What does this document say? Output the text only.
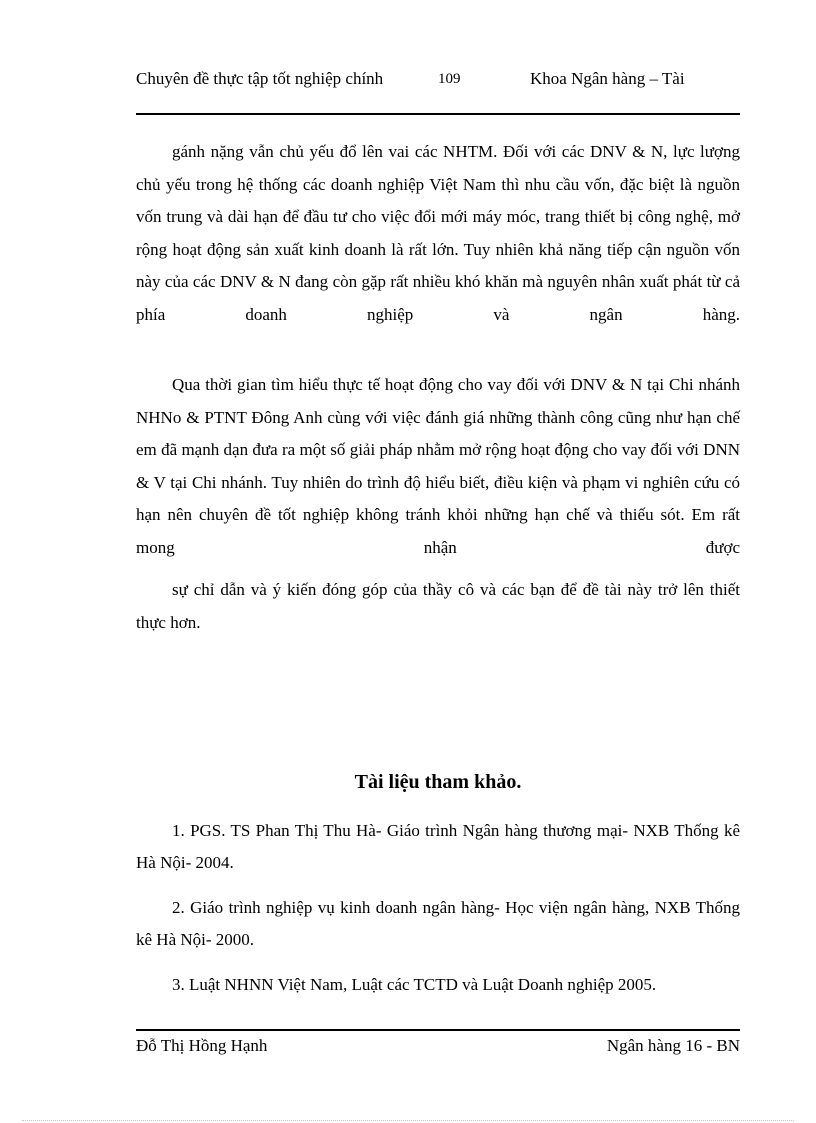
Chuyên đề thực tập tốt nghiệp chính	109	Khoa Ngân hàng – Tài

gánh nặng vẫn chủ yếu đổ lên vai các NHTM. Đối với các DNV & N, lực lượng chủ yếu trong hệ thống các doanh nghiệp Việt Nam thì nhu cầu vốn, đặc biệt là nguồn vốn trung và dài hạn để đầu tư cho việc đổi mới máy móc, trang thiết bị công nghệ, mở rộng hoạt động sản xuất kinh doanh là rất lớn. Tuy nhiên khả năng tiếp cận nguồn vốn này của các DNV & N đang còn gặp rất nhiều khó khăn mà nguyên nhân xuất phát từ cả phía doanh nghiệp và ngân hàng.

Qua thời gian tìm hiểu thực tế hoạt động cho vay đối với DNV & N tại Chi nhánh NHNo & PTNT Đông Anh cùng với việc đánh giá những thành công cũng như hạn chế em đã mạnh dạn đưa ra một số giải pháp nhằm mở rộng hoạt động cho vay đối với DNN & V tại Chi nhánh. Tuy nhiên do trình độ hiểu biết, điều kiện và phạm vi nghiên cứu có hạn nên chuyên đề tốt nghiệp không tránh khỏi những hạn chế và thiếu sót. Em rất mong nhận được

sự chỉ dẫn và ý kiến đóng góp của thầy cô và các bạn để đề tài này trở lên thiết thực hơn.

Tài liệu tham khảo.

1. PGS. TS Phan Thị Thu Hà- Giáo trình Ngân hàng thương mại- NXB Thống kê Hà Nội- 2004.

2. Giáo trình nghiệp vụ kinh doanh ngân hàng- Học viện ngân hàng, NXB Thống kê Hà Nội- 2000.

3. Luật NHNN Việt Nam, Luật các TCTD và Luật Doanh nghiệp 2005.

Đỗ Thị Hồng Hạnh	Ngân hàng 16 - BN
